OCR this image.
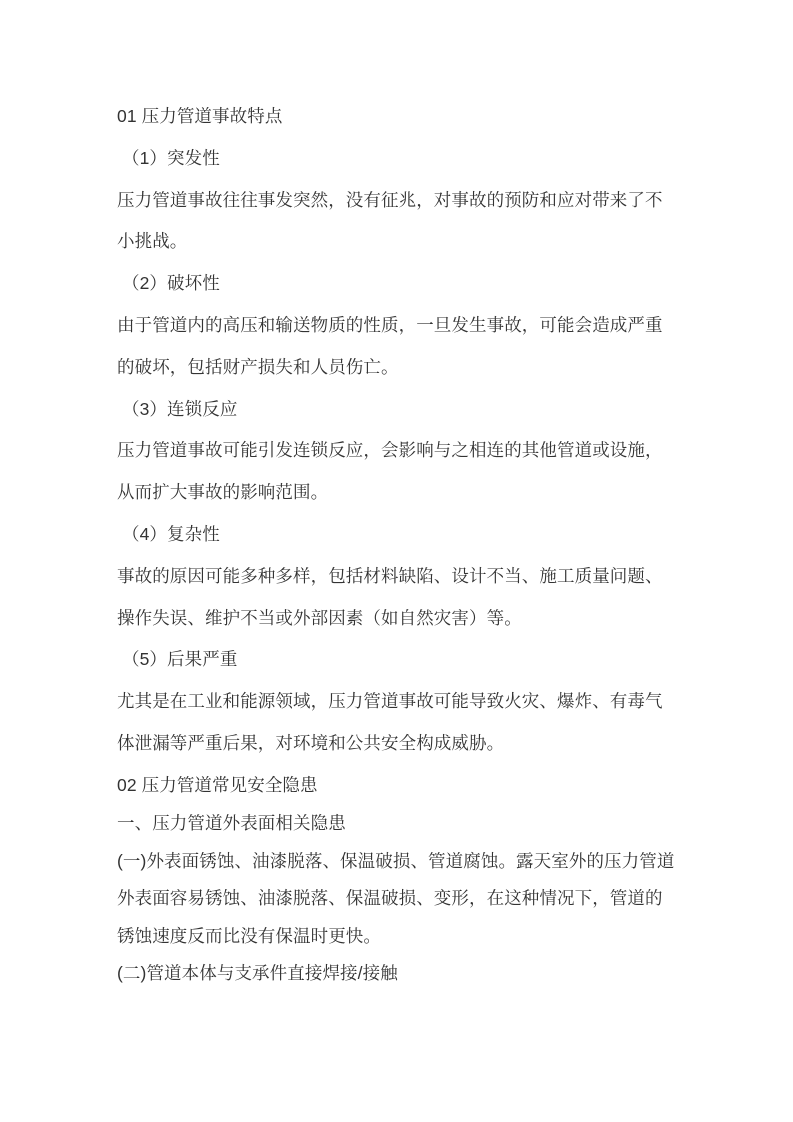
01 压力管道事故特点
（1）突发性
压力管道事故往往事发突然，没有征兆，对事故的预防和应对带来了不小挑战。
（2）破坏性
由于管道内的高压和输送物质的性质，一旦发生事故，可能会造成严重的破坏，包括财产损失和人员伤亡。
（3）连锁反应
压力管道事故可能引发连锁反应，会影响与之相连的其他管道或设施，从而扩大事故的影响范围。
（4）复杂性
事故的原因可能多种多样，包括材料缺陷、设计不当、施工质量问题、操作失误、维护不当或外部因素（如自然灾害）等。
（5）后果严重
尤其是在工业和能源领域，压力管道事故可能导致火灾、爆炸、有毒气体泄漏等严重后果，对环境和公共安全构成威胁。
02 压力管道常见安全隐患
一、压力管道外表面相关隐患
(一)外表面锈蚀、油漆脱落、保温破损、管道腐蚀。露天室外的压力管道外表面容易锈蚀、油漆脱落、保温破损、变形，在这种情况下，管道的锈蚀速度反而比没有保温时更快。
(二)管道本体与支承件直接焊接/接触
